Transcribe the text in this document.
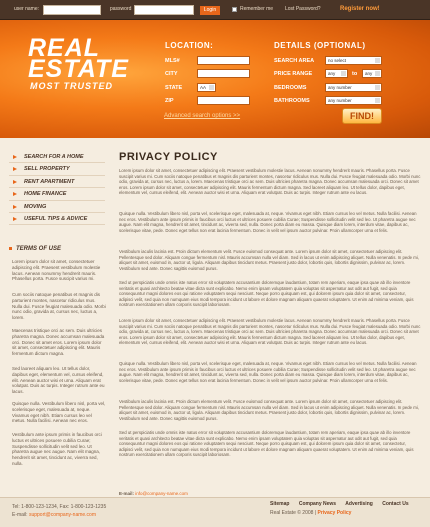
user name:	password	Login	Remember me Lost Password?	Register now!
REAL
ESTATE
MOST TRUSTED
LOCATION:	DETAILS (OPTIONAL)
MLS#
CITY
STATE	AA
ZIP
SEARCH AREA	no select
PRICE RANGE	any	to	any
BEDROOMS	any number
BATHROOMS	any number
Advanced search options >>	FIND!
SEARCH FOR A HOME
SELL PROPERTY
RENT APARTMENT
HOME FINANCE
MOVING
USEFUL TIPS & ADVICE
TERMS OF USE
Lorem ipsum dolor sit amet, consectetuer adipiscing elit. Praesent vestibulum molestie lacus. Aenean nonummy hendrerit mauris. Phasellus porta. Fusce suscipit varius mi.
Cum sociis natoque penatibus et magnis dis parturient montes, nascetur ridiculus mus. Nulla dui. Fusce feugiat malesuada odio. Morbi nunc odio, gravida at, cursus nec, luctus a, lorem.
Maecenas tristique orci ac sem. Duis ultricies pharetra magna. Donec accumsan malesuada orci. Donec sit amet eros. Lorem ipsum dolor sit amet, consectetuer adipiscing elit. Mauris fermentum dictum magna.
Sed laoreet aliquam leo. Ut tellus dolor, dapibus eget, elementum vel, cursus eleifend, elit. Aenean auctor wisi et urna. Aliquam erat volutpat. Duis ac turpis. Integer rutrum ante eu lacus.
Quisque nulla. Vestibulum libero nisl, porta vel, scelerisque eget, malesuada at, neque. Vivamus eget nibh. Etiam cursus leo vel metus. Nulla facilisi. Aenean nec eros.
Vestibulum ante ipsum primis in faucibus orci luctus et ultrices posuere cubilia Curae; Suspendisse sollicitudin velit sed leo. Ut pharetra augue nec augue. Nam elit magna, hendrerit sit amet, tincidunt ac, viverra sed, nulla.
PRIVACY POLICY
Lorem ipsum dolor sit amet, consectetuer adipiscing elit. Praesent vestibulum molestie lacus. Aenean nonummy hendrerit mauris. Phasellus porta. Fusce suscipit varius mi. Cum sociis natoque penatibus et magnis dis parturient montes, nascetur ridiculus mus. Nulla dui. Fusce feugiat malesuada odio. Morbi nunc odio, gravida at, cursus nec, luctus a, lorem. Maecenas tristique orci ac sem. Duis ultricies pharetra magna. Donec accumsan malesuada orci. Donec sit amet eros. Lorem ipsum dolor sit amet, consectetuer adipiscing elit. Mauris fermentum dictum magna. Sed laoreet aliquam leo. Ut tellus dolor, dapibus eget, elementum vel, cursus eleifend, elit. Aenean auctor wisi et urna. Aliquam erat volutpat. Duis ac turpis. Integer rutrum ante eu lacus.
Quisque nulla. Vestibulum libero nisl, porta vel, scelerisque eget, malesuada at, neque. Vivamus eget nibh. Etiam cursus leo vel metus. Nulla facilisi. Aenean nec eros. Vestibulum ante ipsum primis in faucibus orci luctus et ultrices posuere cubilia Curae; Suspendisse sollicitudin velit sed leo. Ut pharetra augue nec augue. Nam elit magna, hendrerit sit amet, tincidunt ac, viverra sed, nulla. Donec porta diam eu massa. Quisque diam lorem, interdum vitae, dapibus ac, scelerisque vitae, pede. Donec eget tellus non erat lacinia fermentum. Donec in velit vel ipsum auctor pulvinar. Proin ullamcorper urna et felis.
Vestibulum iaculis lacinia est. Proin dictum elementum velit. Fusce euismod consequat ante. Lorem ipsum dolor sit amet, consectetuer adipiscing elit. Pellentesque sed dolor. Aliquam congue fermentum nisl. Mauris accumsan nulla vel diam. Sed in lacus ut enim adipiscing aliquet. Nulla venenatis. In pede mi, aliquet sit amet, euismod in, auctor ut, ligula. Aliquam dapibus tincidunt metus. Praesent justo dolor, lobortis quis, lobortis dignissim, pulvinar ac, lorem. Vestibulum sed ante. Donec sagittis euismod purus.
Sed ut perspiciatis unde omnis iste natus error sit voluptatem accusantium doloremque laudantium, totam rem aperiam, eaque ipsa quae ab illo inventore veritatis et quasi architecto beatae vitae dicta sunt explicabo. Nemo enim ipsam voluptatem quia voluptas sit aspernatur aut odit aut fugit, sed quia consequuntur magni dolores eos qui ratione voluptatem sequi nesciunt. Neque porro quisquam est, qui dolorem ipsum quia dolor sit amet, consectetur, adipisci velit, sed quia non numquam eius modi tempora incidunt ut labore et dolore magnam aliquam quaerat voluptatem. Ut enim ad minima veniam, quis nostrum exercitationem ullam corporis suscipit laboriosam.
Lorem ipsum dolor sit amet, consectetuer adipiscing elit. Praesent vestibulum molestie lacus. Aenean nonummy hendrerit mauris. Phasellus porta. Fusce suscipit varius mi. Cum sociis natoque penatibus et magnis dis parturient montes, nascetur ridiculus mus. Nulla dui. Fusce feugiat malesuada odio. Morbi nunc odio, gravida at, cursus nec, luctus a, lorem. Maecenas tristique orci ac sem. Duis ultricies pharetra magna. Donec accumsan malesuada orci. Donec sit amet eros. Lorem ipsum dolor sit amet, consectetuer adipiscing elit. Mauris fermentum dictum magna. Sed laoreet aliquam leo. Ut tellus dolor, dapibus eget, elementum vel, cursus eleifend, elit. Aenean auctor wisi et urna. Aliquam erat volutpat. Duis ac turpis. Integer rutrum ante eu lacus.
Quisque nulla. Vestibulum libero nisl, porta vel, scelerisque eget, malesuada at, neque. Vivamus eget nibh. Etiam cursus leo vel metus. Nulla facilisi. Aenean nec eros. Vestibulum ante ipsum primis in faucibus orci luctus et ultrices posuere cubilia Curae; Suspendisse sollicitudin velit sed leo. Ut pharetra augue nec augue. Nam elit magna, hendrerit sit amet, tincidunt ac, viverra sed, nulla. Donec porta diam eu massa. Quisque diam lorem, interdum vitae, dapibus ac, scelerisque vitae, pede. Donec eget tellus non erat lacinia fermentum. Donec in velit vel ipsum auctor pulvinar. Proin ullamcorper urna et felis.
Vestibulum iaculis lacinia est. Proin dictum elementum velit. Fusce euismod consequat ante. Lorem ipsum dolor sit amet, consectetuer adipiscing elit. Pellentesque sed dolor. Aliquam congue fermentum nisl. Mauris accumsan nulla vel diam. Sed in lacus ut enim adipiscing aliquet. Nulla venenatis. In pede mi, aliquet sit amet, euismod in, auctor ut, ligula. Aliquam dapibus tincidunt metus. Praesent justo dolor, lobortis quis, lobortis dignissim, pulvinar ac, lorem. Vestibulum sed ante. Donec sagittis euismod purus.
Sed ut perspiciatis unde omnis iste natus error sit voluptatem accusantium doloremque laudantium, totam rem aperiam, eaque ipsa quae ab illo inventore veritatis et quasi architecto beatae vitae dicta sunt explicabo. Nemo enim ipsam voluptatem quia voluptas sit aspernatur aut odit aut fugit, sed quia consequuntur magni dolores eos qui ratione voluptatem sequi nesciunt. Neque porro quisquam est, qui dolorem ipsum quia dolor sit amet, consectetur, adipisci velit, sed quia non numquam eius modi tempora incidunt ut labore et dolore magnam aliquam quaerat voluptatem. Ut enim ad minima veniam, quis nostrum exercitationem ullam corporis suscipit laboriosam.
E-mail: info@company-name.com
Tel: 1-800-123-1234, Fax: 1-800-123-1235
E-mail: support@company-name.com
Sitemap Company News Advertising Contact Us
Real Estate © 2008 | Privacy Policy
